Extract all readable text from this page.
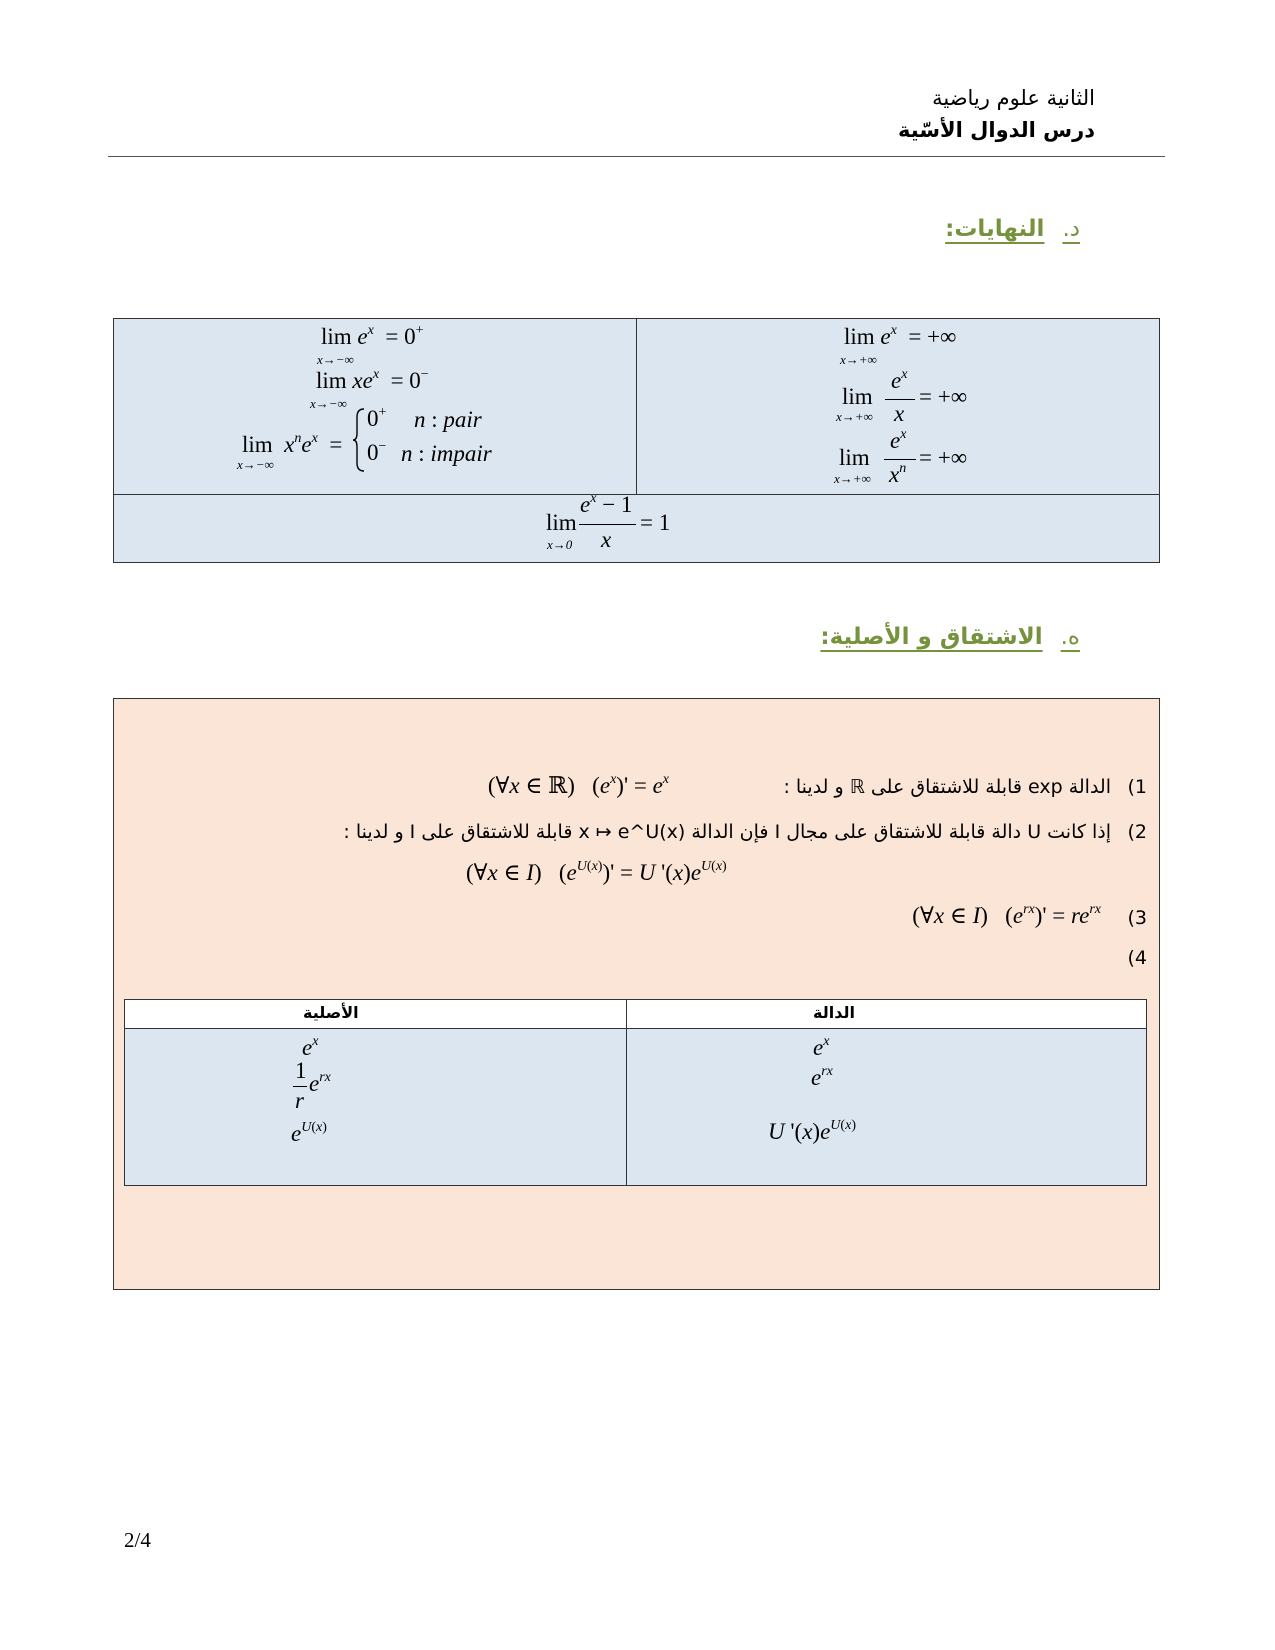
الثانية علوم رياضية
درس الدوال الأسّية
د.النهايات:
$\lim e^x$  = +∞
x→+∞
lim
x→+∞
$e^x$
x
= +∞
lim
x→+∞
$e^x$
$x^n$ = +∞
$\lim e^x = 0^+$
x→−∞
$\lim xe^x = 0^-$
x→−∞
$\lim x^ne^x$  =
x→−∞
0+ n : pair
0− n : impair
lim
x→0
$e^x - 1$
x
= 1
ه.الاشتقاق و الأصلية:
(1
الدالة exp قابلة للاشتقاق على ℝ و لدينا :
(∀x ∈ ℝ)   $(e^x)' = e^x$
(2
إذا كانت U دالة قابلة للاشتقاق على مجال I فإن الدالة x ↦ e^U(x) قابلة للاشتقاق على I و لدينا :
(∀x ∈ I)   $(e^{U(x)})' = U$ '$(x)e^{U(x)}$
(3
(∀x ∈ I)   $(e^{rx})' = re^{rx}$
(4
الأصلية	الدالة
$e^x$
$e^{rx}$
U '$(x)e^{U(x)}$
$e^x$
1
r
$e^{rx}$
$e^{U(x)}$
2/4
